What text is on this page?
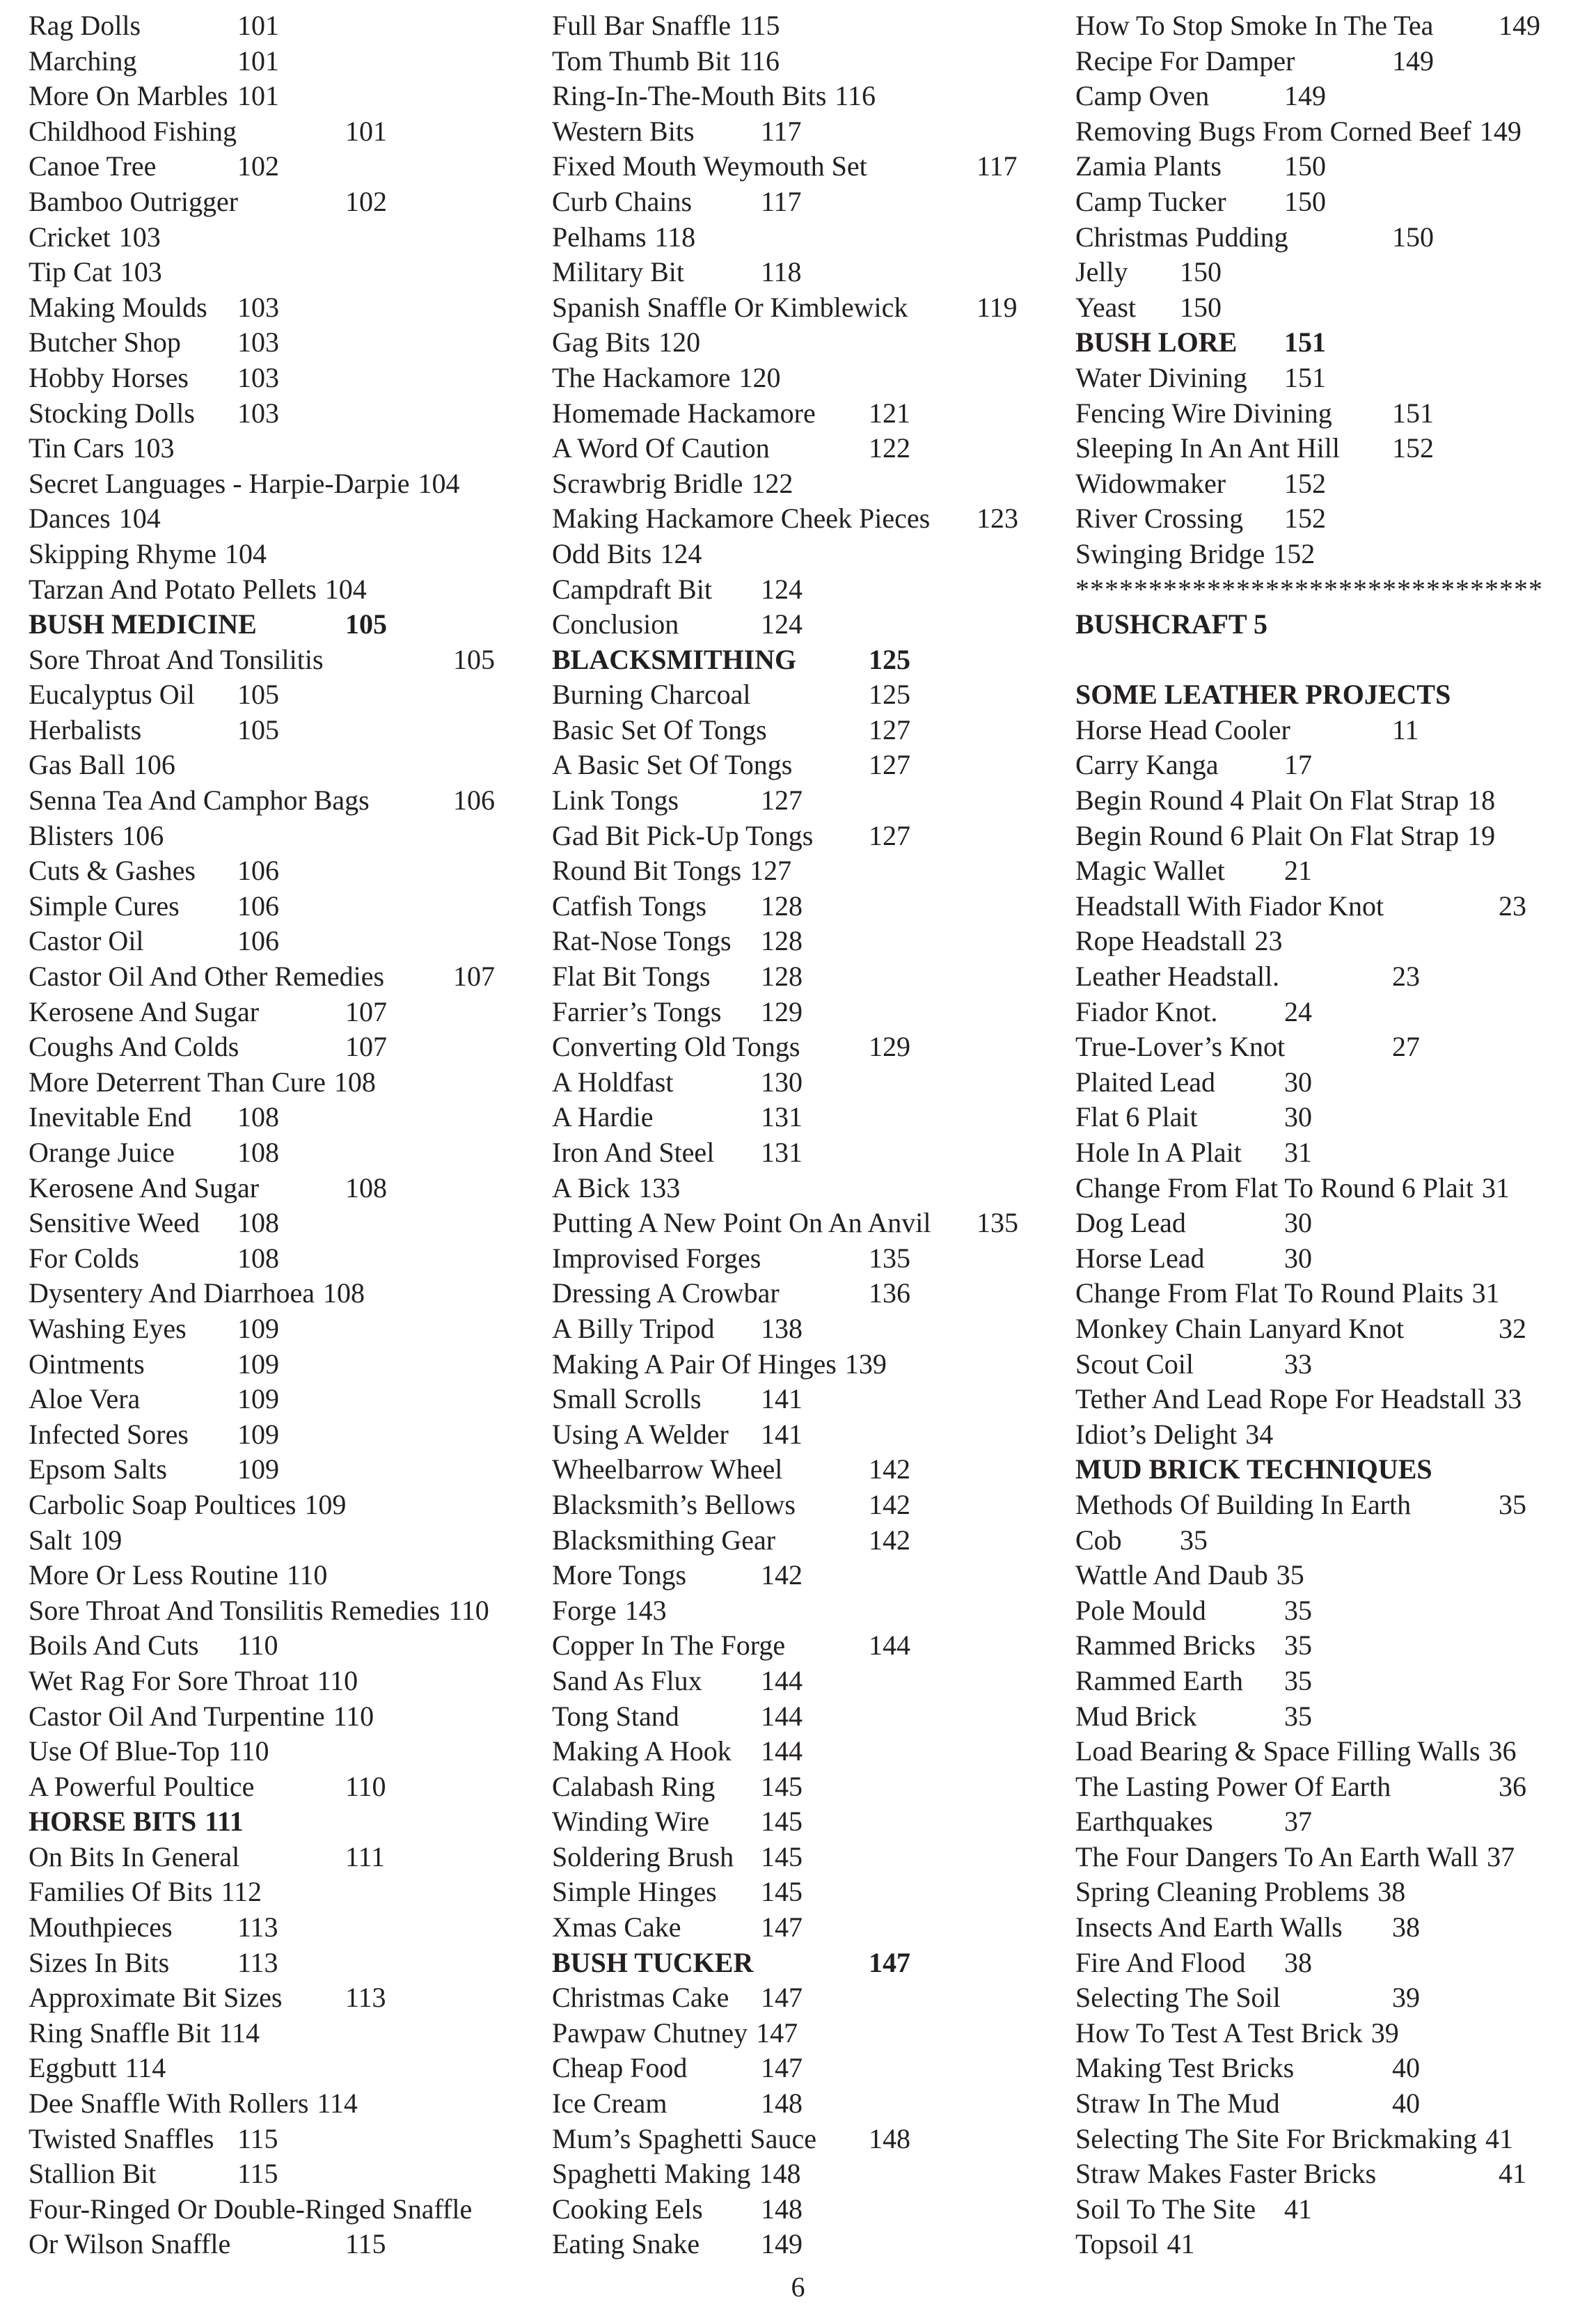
Rag Dolls	101
Marching	101
More On Marbles 101
Childhood Fishing	101
Canoe Tree	102
Bamboo Outrigger	102
Cricket 103
Tip Cat 103
Making Moulds 103
Butcher Shop 103
Hobby Horses 103
Stocking Dolls 103
Tin Cars 103
Secret Languages - Harpie-Darpie 104
Dances 104
Skipping Rhyme 104
Tarzan And Potato Pellets 104
BUSH MEDICINE	105
Sore Throat And Tonsilitis	105
Eucalyptus Oil 105
Herbalists	105
Gas Ball 106
Senna Tea And Camphor Bags	106
Blisters 106
Cuts & Gashes 106
Simple Cures 106
Castor Oil	106
Castor Oil And Other Remedies 107
Kerosene And Sugar	107
Coughs And Colds	107
More Deterrent Than Cure 108
Inevitable End 108
Orange Juice 108
Kerosene And Sugar	108
Sensitive Weed 108
For Colds	108
Dysentery And Diarrhoea 108
Washing Eyes 109
Ointments	109
Aloe Vera	109
Infected Sores 109
Epsom Salts	109
Carbolic Soap Poultices 109
Salt 109
More Or Less Routine 110
Sore Throat And Tonsilitis Remedies 110
Boils And Cuts 110
Wet Rag For Sore Throat 110
Castor Oil And Turpentine 110
Use Of Blue-Top 110
A Powerful Poultice	110
HORSE BITS 111
On Bits In General	111
Families Of Bits 112
Mouthpieces 113
Sizes In Bits 113
Approximate Bit Sizes 113
Ring Snaffle Bit 114
Eggbutt 114
Dee Snaffle With Rollers 114
Twisted Snaffles 115
Stallion Bit	115
Four-Ringed Or Double-Ringed Snaffle
Or Wilson Snaffle	115
Full Bar Snaffle 115
Tom Thumb Bit 116
Ring-In-The-Mouth Bits 116
Western Bits 117
Fixed Mouth Weymouth Set	117
Curb Chains 117
Pelhams 118
Military Bit	118
Spanish Snaffle Or Kimblewick 119
Gag Bits 120
The Hackamore 120
Homemade Hackamore 121
A Word Of Caution	122
Scrawbrig Bridle 122
Making Hackamore Cheek Pieces 123
Odd Bits 124
Campdraft Bit 124
Conclusion	124
BLACKSMITHING	125
Burning Charcoal	125
Basic Set Of Tongs	127
A Basic Set Of Tongs	127
Link Tongs	127
Gad Bit Pick-Up Tongs 127
Round Bit Tongs 127
Catfish Tongs 128
Rat-Nose Tongs 128
Flat Bit Tongs 128
Farrier’s Tongs 129
Converting Old Tongs 129
A Holdfast	130
A Hardie	131
Iron And Steel 131
A Bick 133
Putting A New Point On An Anvil 135
Improvised Forges	135
Dressing A Crowbar	136
A Billy Tripod 138
Making A Pair Of Hinges 139
Small Scrolls 141
Using A Welder 141
Wheelbarrow Wheel	142
Blacksmith’s Bellows	142
Blacksmithing Gear	142
More Tongs	142
Forge 143
Copper In The Forge	144
Sand As Flux 144
Tong Stand	144
Making A Hook 144
Calabash Ring 145
Winding Wire 145
Soldering Brush 145
Simple Hinges 145
Xmas Cake	147
BUSH TUCKER	147
Christmas Cake 147
Pawpaw Chutney 147
Cheap Food	147
Ice Cream	148
Mum’s Spaghetti Sauce 148
Spaghetti Making 148
Cooking Eels 148
Eating Snake 149
How To Stop Smoke In The Tea 149
Recipe For Damper	149
Camp Oven	149
Removing Bugs From Corned Beef 149
Zamia Plants 150
Camp Tucker 150
Christmas Pudding	150
Jelly 150
Yeast 150
BUSH LORE 151
Water Divining 151
Fencing Wire Divining 151
Sleeping In An Ant Hill 152
Widowmaker 152
River Crossing 152
Swinging Bridge 152
********************************
BUSHCRAFT 5
SOME LEATHER PROJECTS
Horse Head Cooler	11
Carry Kanga 17
Begin Round 4 Plait On Flat Strap 18
Begin Round 6 Plait On Flat Strap 19
Magic Wallet 21
Headstall With Fiador Knot	23
Rope Headstall 23
Leather Headstall.	23
Fiador Knot. 24
True-Lover’s Knot	27
Plaited Lead 30
Flat 6 Plait	30
Hole In A Plait 31
Change From Flat To Round 6 Plait 31
Dog Lead	30
Horse Lead	30
Change From Flat To Round Plaits 31
Monkey Chain Lanyard Knot	32
Scout Coil	33
Tether And Lead Rope For Headstall 33
Idiot’s Delight 34
MUD BRICK TECHNIQUES
Methods Of Building In Earth	35
Cob 35
Wattle And Daub 35
Pole Mould	35
Rammed Bricks 35
Rammed Earth 35
Mud Brick	35
Load Bearing & Space Filling Walls 36
The Lasting Power Of Earth	36
Earthquakes	37
The Four Dangers To An Earth Wall 37
Spring Cleaning Problems 38
Insects And Earth Walls 38
Fire And Flood 38
Selecting The Soil	39
How To Test A Test Brick 39
Making Test Bricks	40
Straw In The Mud	40
Selecting The Site For Brickmaking 41
Straw Makes Faster Bricks	41
Soil To The Site 41
Topsoil 41
6
